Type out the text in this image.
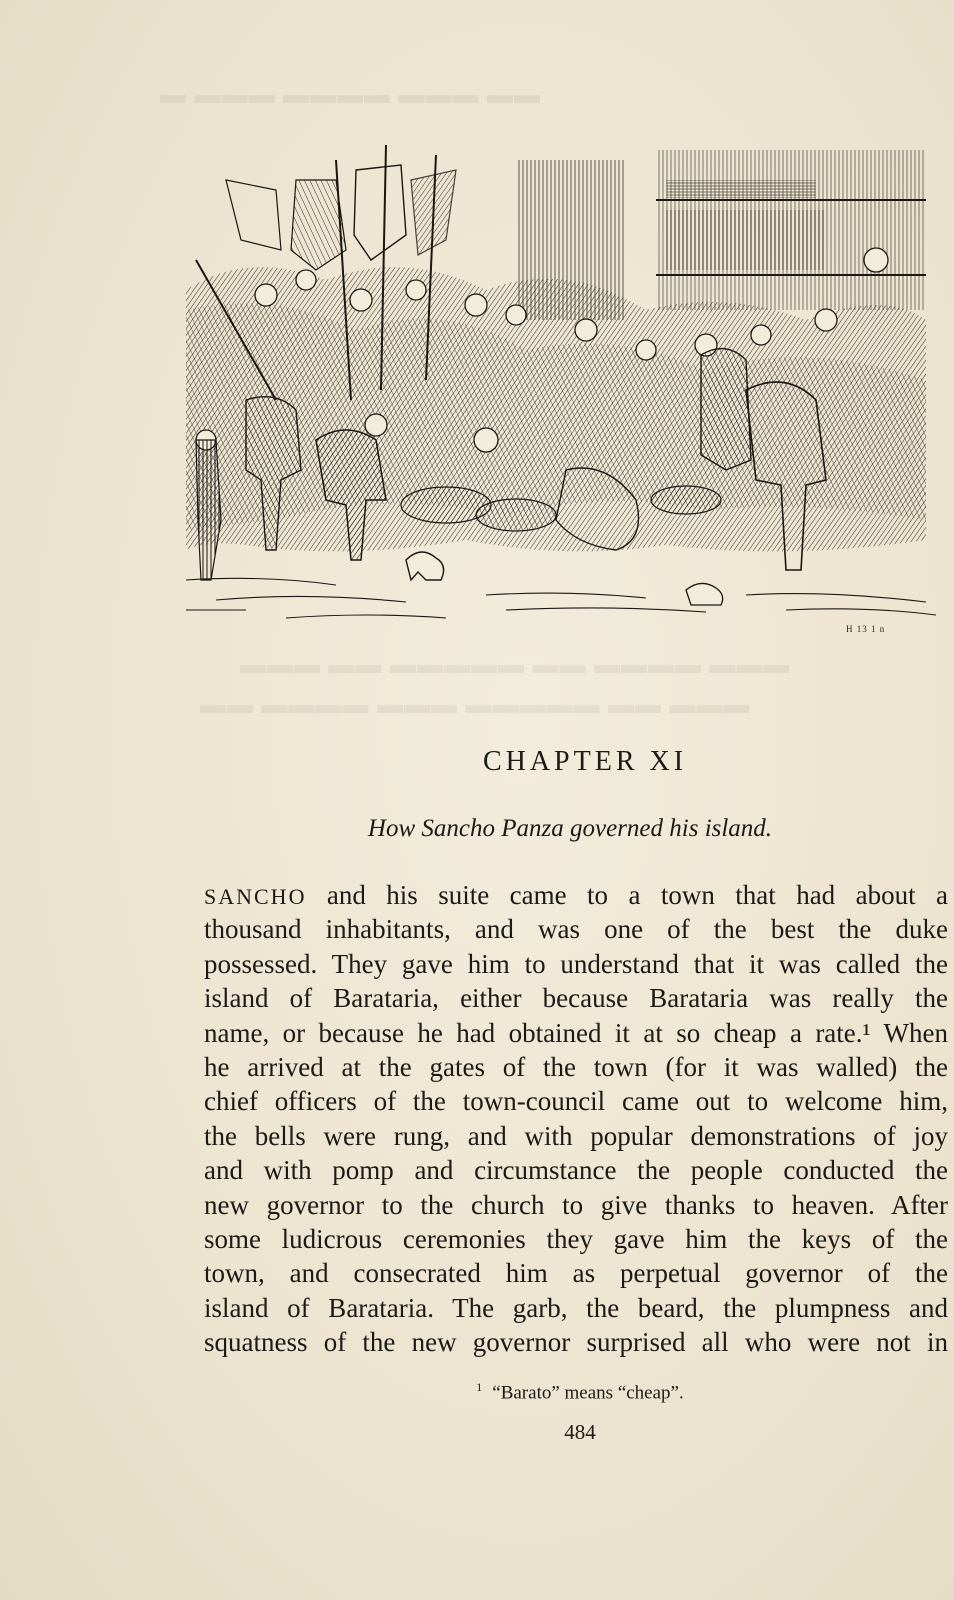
▬ ▬▬▬ ▬▬▬▬ ▬▬▬ ▬▬
▬▬▬ ▬▬ ▬▬▬▬▬ ▬▬ ▬▬▬▬ ▬▬▬
▬▬ ▬▬▬▬ ▬▬▬ ▬▬▬▬▬ ▬▬ ▬▬▬
H 13 1 n
CHAPTER XI
How Sancho Panza governed his island.
SANCHO and his suite came to a town that had about a
thousand inhabitants, and was one of the best the duke
possessed. They gave him to understand that it was called the
island of Barataria, either because Barataria was really the
name, or because he had obtained it at so cheap a rate.¹ When
he arrived at the gates of the town (for it was walled) the
chief officers of the town-council came out to welcome him,
the bells were rung, and with popular demonstrations of joy
and with pomp and circumstance the people conducted the
new governor to the church to give thanks to heaven. After
some ludicrous ceremonies they gave him the keys of the
town, and consecrated him as perpetual governor of the
island of Barataria. The garb, the beard, the plumpness and
squatness of the new governor surprised all who were not in
$^1$ “Barato” means “cheap”.
484
